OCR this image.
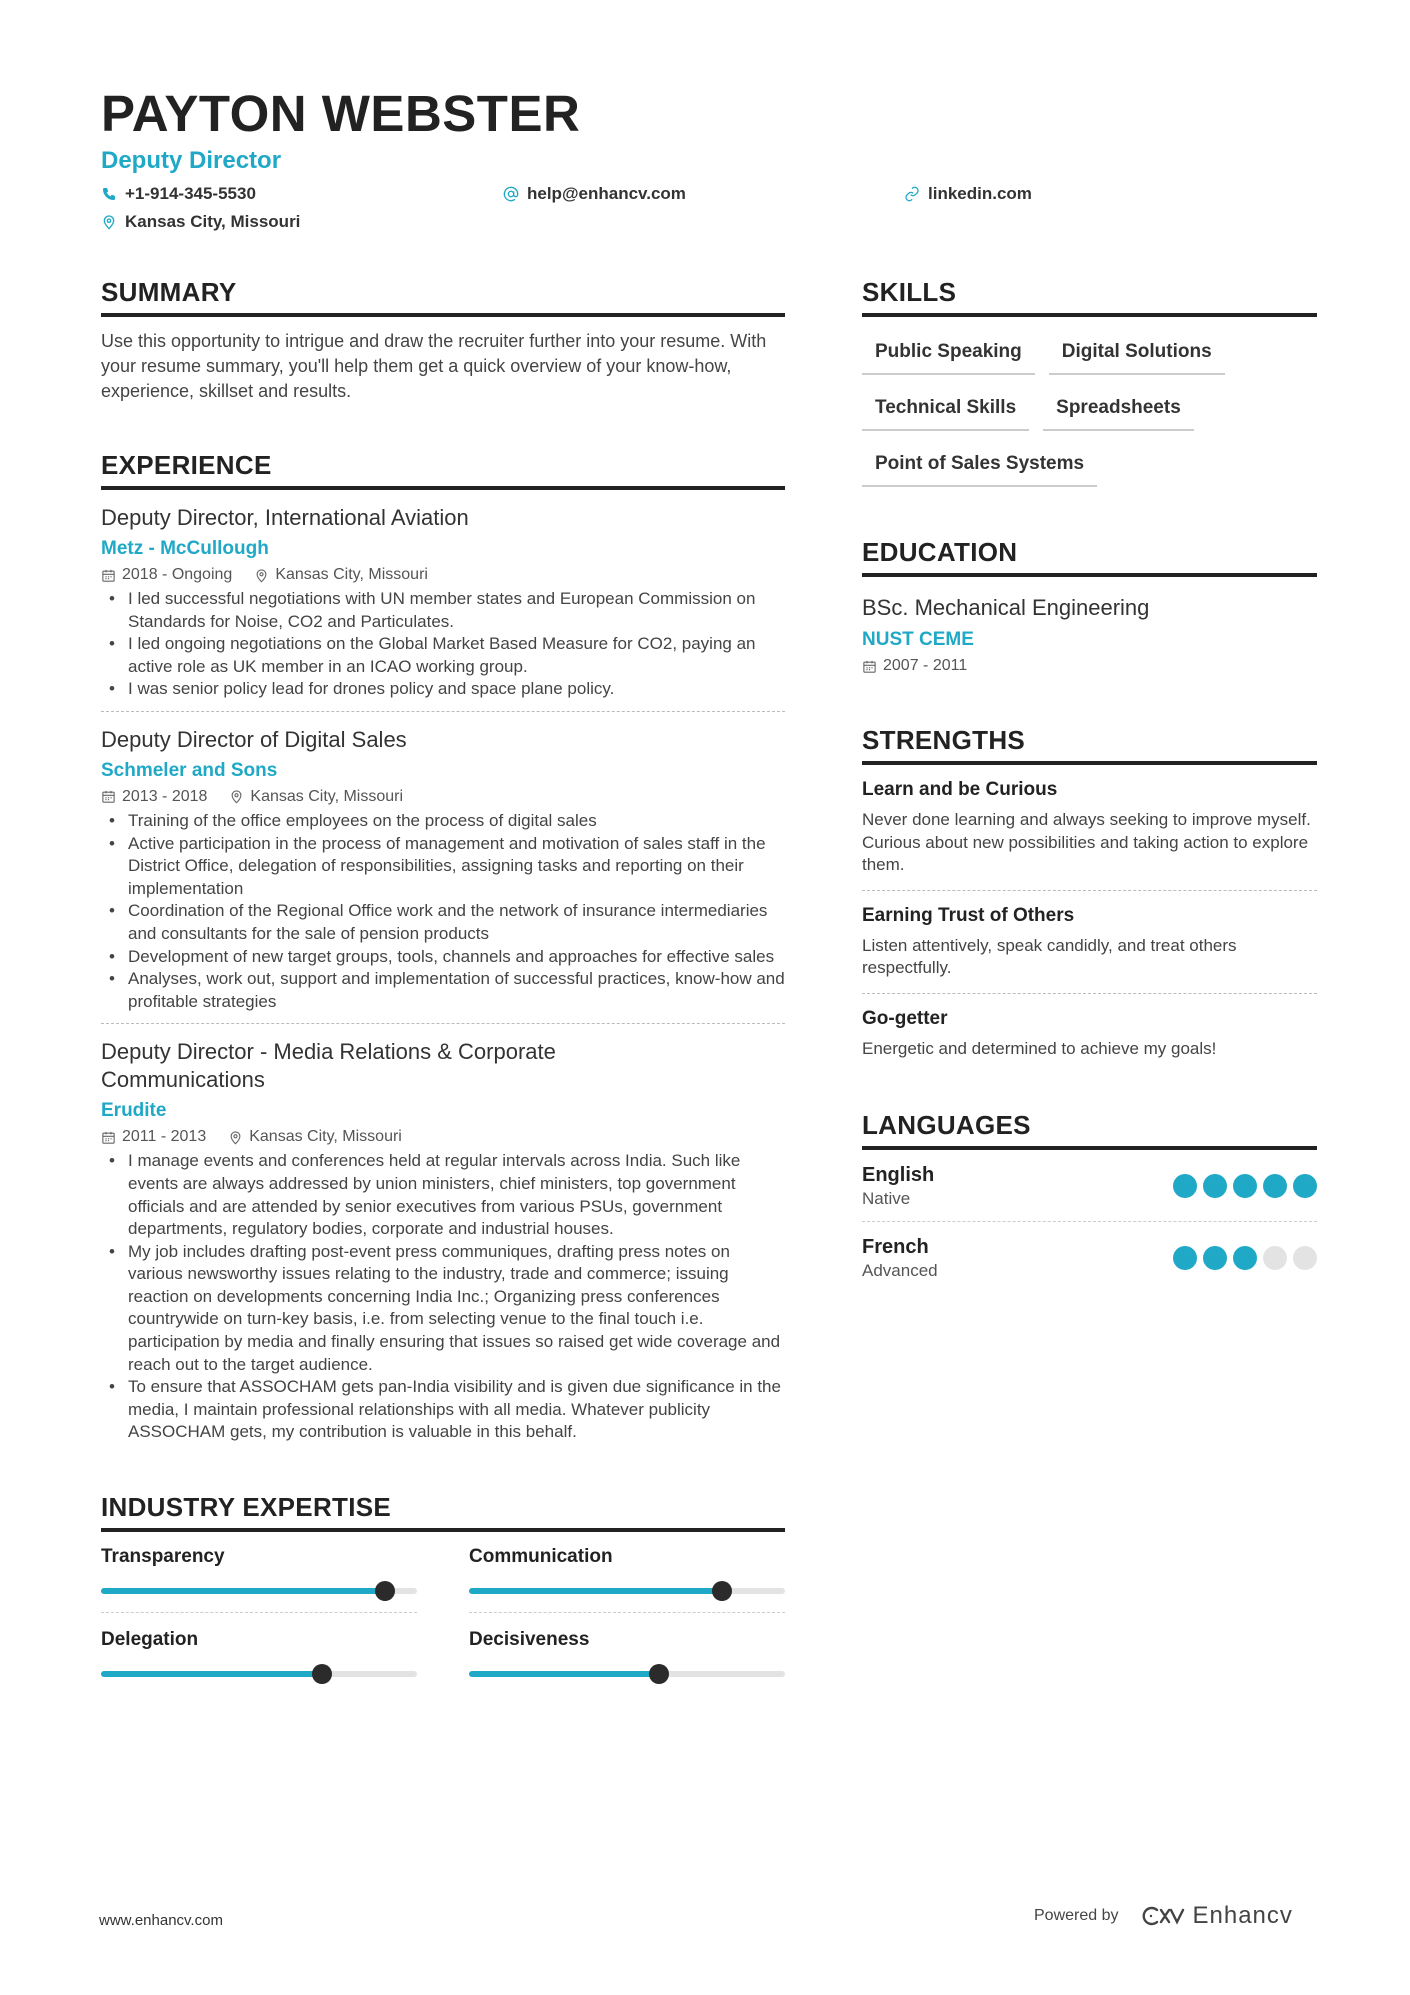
PAYTON WEBSTER
Deputy Director
+1-914-345-5530	help@enhancv.com	linkedin.com
Kansas City, Missouri
SUMMARY
Use this opportunity to intrigue and draw the recruiter further into your resume. With your resume summary, you'll help them get a quick overview of your know-how, experience, skillset and results.
EXPERIENCE
Deputy Director, International Aviation
Metz - McCullough
2018 - Ongoing	Kansas City, Missouri
• I led successful negotiations with UN member states and European Commission on Standards for Noise, CO2 and Particulates.
• I led ongoing negotiations on the Global Market Based Measure for CO2, paying an active role as UK member in an ICAO working group.
• I was senior policy lead for drones policy and space plane policy.
Deputy Director of Digital Sales
Schmeler and Sons
2013 - 2018	Kansas City, Missouri
• Training of the office employees on the process of digital sales
• Active participation in the process of management and motivation of sales staff in the District Office, delegation of responsibilities, assigning tasks and reporting on their implementation
• Coordination of the Regional Office work and the network of insurance intermediaries and consultants for the sale of pension products
• Development of new target groups, tools, channels and approaches for effective sales
• Analyses, work out, support and implementation of successful practices, know-how and profitable strategies
Deputy Director - Media Relations & Corporate Communications
Erudite
2011 - 2013	Kansas City, Missouri
• I manage events and conferences held at regular intervals across India. Such like events are always addressed by union ministers, chief ministers, top government officials and are attended by senior executives from various PSUs, government departments, regulatory bodies, corporate and industrial houses.
• My job includes drafting post-event press communiques, drafting press notes on various newsworthy issues relating to the industry, trade and commerce; issuing reaction on developments concerning India Inc.; Organizing press conferences countrywide on turn-key basis, i.e. from selecting venue to the final touch i.e. participation by media and finally ensuring that issues so raised get wide coverage and reach out to the target audience.
• To ensure that ASSOCHAM gets pan-India visibility and is given due significance in the media, I maintain professional relationships with all media. Whatever publicity ASSOCHAM gets, my contribution is valuable in this behalf.
INDUSTRY EXPERTISE
Transparency	Communication
Delegation	Decisiveness
SKILLS
Public Speaking	Digital Solutions
Technical Skills	Spreadsheets
Point of Sales Systems
EDUCATION
BSc. Mechanical Engineering
NUST CEME
2007 - 2011
STRENGTHS
Learn and be Curious
Never done learning and always seeking to improve myself. Curious about new possibilities and taking action to explore them.
Earning Trust of Others
Listen attentively, speak candidly, and treat others respectfully.
Go-getter
Energetic and determined to achieve my goals!
LANGUAGES
English
Native
French
Advanced
www.enhancv.com	Powered by	Enhancv
